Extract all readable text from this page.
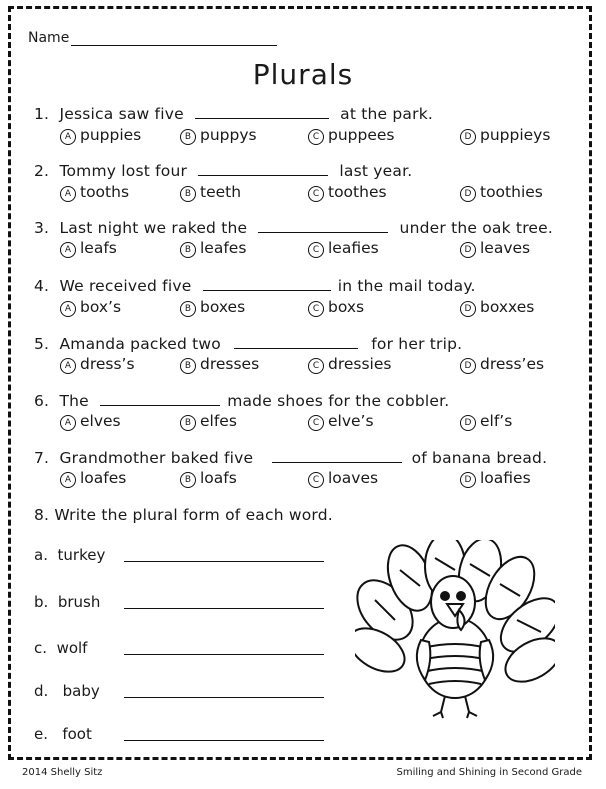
Name
Plurals
1. Jessica saw five	at the park.
A puppies	B puppys	C puppees	D puppieys
2. Tommy lost four	last year.
A tooths	B teeth	C toothes	D toothies
3. Last night we raked the	under the oak tree.
A leafs	B leafes	C leafies	D leaves
4. We received five	in the mail today.
A box’s	B boxes	C boxs	D boxxes
5. Amanda packed two	for her trip.
A dress’s	B dresses	C dressies	D dress’es
6. The	made shoes for the cobbler.
A elves	B elfes	C elve’s	D elf’s
7. Grandmother baked five	of banana bread.
A loafes	B loafs	C loaves	D loafies
8. Write the plural form of each word.
a. turkey
b. brush
c. wolf
d. baby
e. foot
2014 Shelly Sitz	Smiling and Shining in Second Grade
